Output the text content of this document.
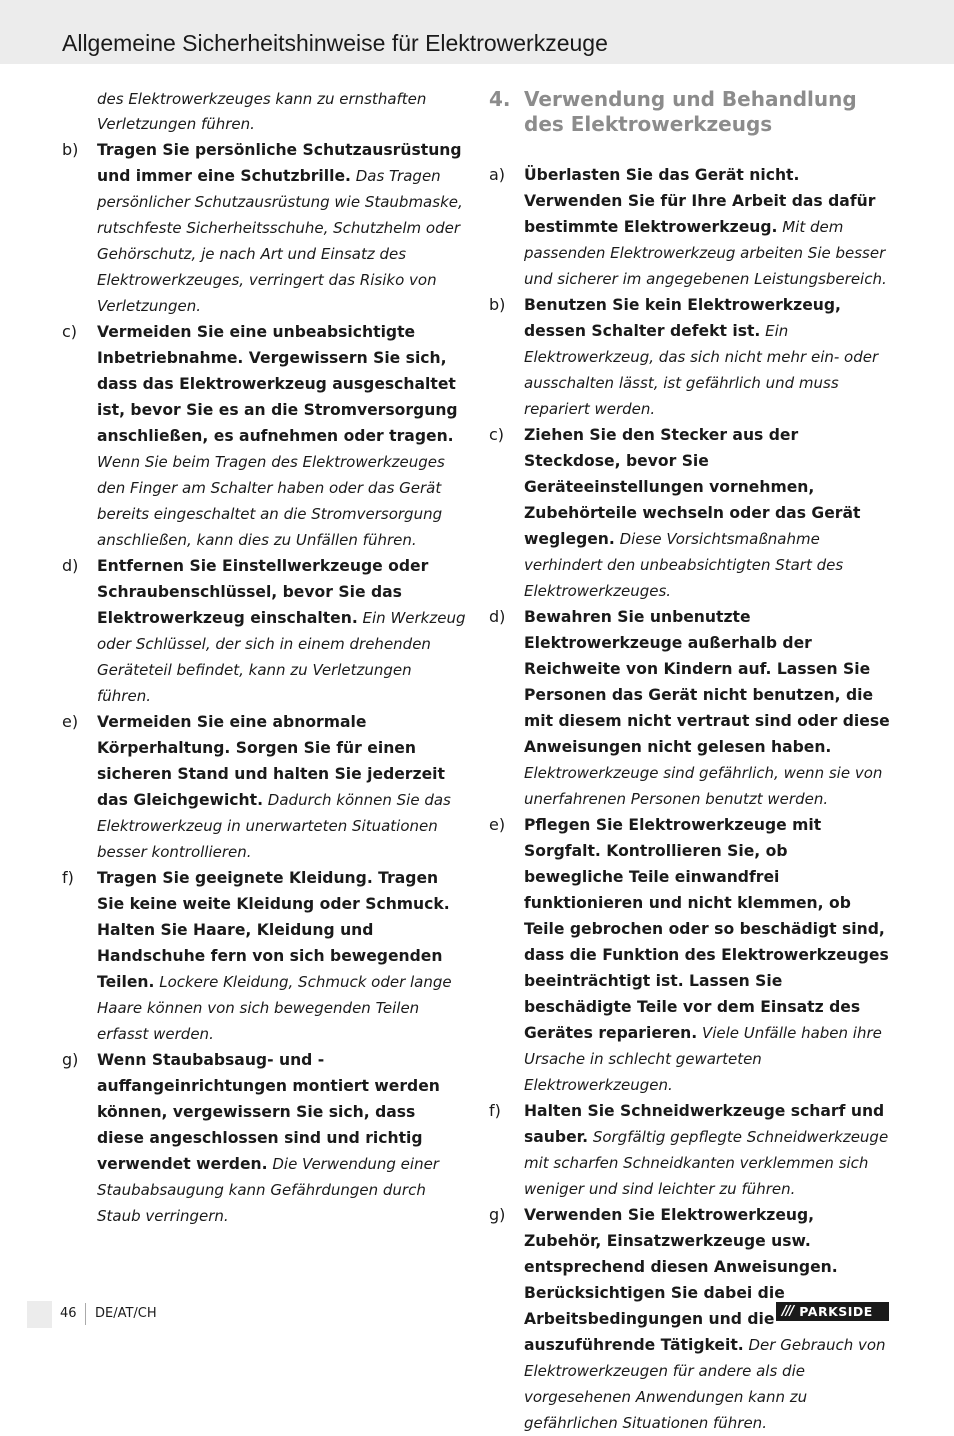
Allgemeine Sicherheitshinweise für Elektrowerkzeuge

des Elektrowerkzeuges kann zu ernsthaften Verletzungen führen.

b) Tragen Sie persönliche Schutzausrüstung und immer eine Schutzbrille. Das Tragen persönlicher Schutzausrüstung wie Staubmaske, rutschfeste Sicherheitsschuhe, Schutzhelm oder Gehörschutz, je nach Art und Einsatz des Elektrowerkzeuges, verringert das Risiko von Verletzungen.

c) Vermeiden Sie eine unbeabsichtigte Inbetriebnahme. Vergewissern Sie sich, dass das Elektrowerkzeug ausgeschaltet ist, bevor Sie es an die Stromversorgung anschließen, es aufnehmen oder tragen. Wenn Sie beim Tragen des Elektrowerkzeuges den Finger am Schalter haben oder das Gerät bereits eingeschaltet an die Stromversorgung anschließen, kann dies zu Unfällen führen.

d) Entfernen Sie Einstellwerkzeuge oder Schraubenschlüssel, bevor Sie das Elektrowerkzeug einschalten. Ein Werkzeug oder Schlüssel, der sich in einem drehenden Geräteteil befindet, kann zu Verletzungen führen.

e) Vermeiden Sie eine abnormale Körperhaltung. Sorgen Sie für einen sicheren Stand und halten Sie jederzeit das Gleichgewicht. Dadurch können Sie das Elektrowerkzeug in unerwarteten Situationen besser kontrollieren.

f) Tragen Sie geeignete Kleidung. Tragen Sie keine weite Kleidung oder Schmuck. Halten Sie Haare, Kleidung und Handschuhe fern von sich bewegenden Teilen. Lockere Kleidung, Schmuck oder lange Haare können von sich bewegenden Teilen erfasst werden.

g) Wenn Staubabsaug- und -auffangeinrichtungen montiert werden können, vergewissern Sie sich, dass diese angeschlossen sind und richtig verwendet werden. Die Verwendung einer Staubabsaugung kann Gefährdungen durch Staub verringern.

4. Verwendung und Behandlung des Elektrowerkzeugs
a) Überlasten Sie das Gerät nicht. Verwenden Sie für Ihre Arbeit das dafür bestimmte Elektrowerkzeug. Mit dem passenden Elektrowerkzeug arbeiten Sie besser und sicherer im angegebenen Leistungsbereich.

b) Benutzen Sie kein Elektrowerkzeug, dessen Schalter defekt ist. Ein Elektrowerkzeug, das sich nicht mehr ein- oder ausschalten lässt, ist gefährlich und muss repariert werden.

c) Ziehen Sie den Stecker aus der Steckdose, bevor Sie Geräteeinstellungen vornehmen, Zubehörteile wechseln oder das Gerät weglegen. Diese Vorsichtsmaßnahme verhindert den unbeabsichtigten Start des Elektrowerkzeuges.

d) Bewahren Sie unbenutzte Elektrowerkzeuge außerhalb der Reichweite von Kindern auf. Lassen Sie Personen das Gerät nicht benutzen, die mit diesem nicht vertraut sind oder diese Anweisungen nicht gelesen haben. Elektrowerkzeuge sind gefährlich, wenn sie von unerfahrenen Personen benutzt werden.

e) Pflegen Sie Elektrowerkzeuge mit Sorgfalt. Kontrollieren Sie, ob bewegliche Teile einwandfrei funktionieren und nicht klemmen, ob Teile gebrochen oder so beschädigt sind, dass die Funktion des Elektrowerkzeuges beeinträchtigt ist. Lassen Sie beschädigte Teile vor dem Einsatz des Gerätes reparieren. Viele Unfälle haben ihre Ursache in schlecht gewarteten Elektrowerkzeugen.

f) Halten Sie Schneidwerkzeuge scharf und sauber. Sorgfältig gepflegte Schneidwerkzeuge mit scharfen Schneidkanten verklemmen sich weniger und sind leichter zu führen.

g) Verwenden Sie Elektrowerkzeug, Zubehör, Einsatzwerkzeuge usw. entsprechend diesen Anweisungen. Berücksichtigen Sie dabei die Arbeitsbedingungen und die auszuführende Tätigkeit. Der Gebrauch von Elektrowerkzeugen für andere als die vorgesehenen Anwendungen kann zu gefährlichen Situationen führen.

46 DE/AT/CH	/// PARKSIDE
